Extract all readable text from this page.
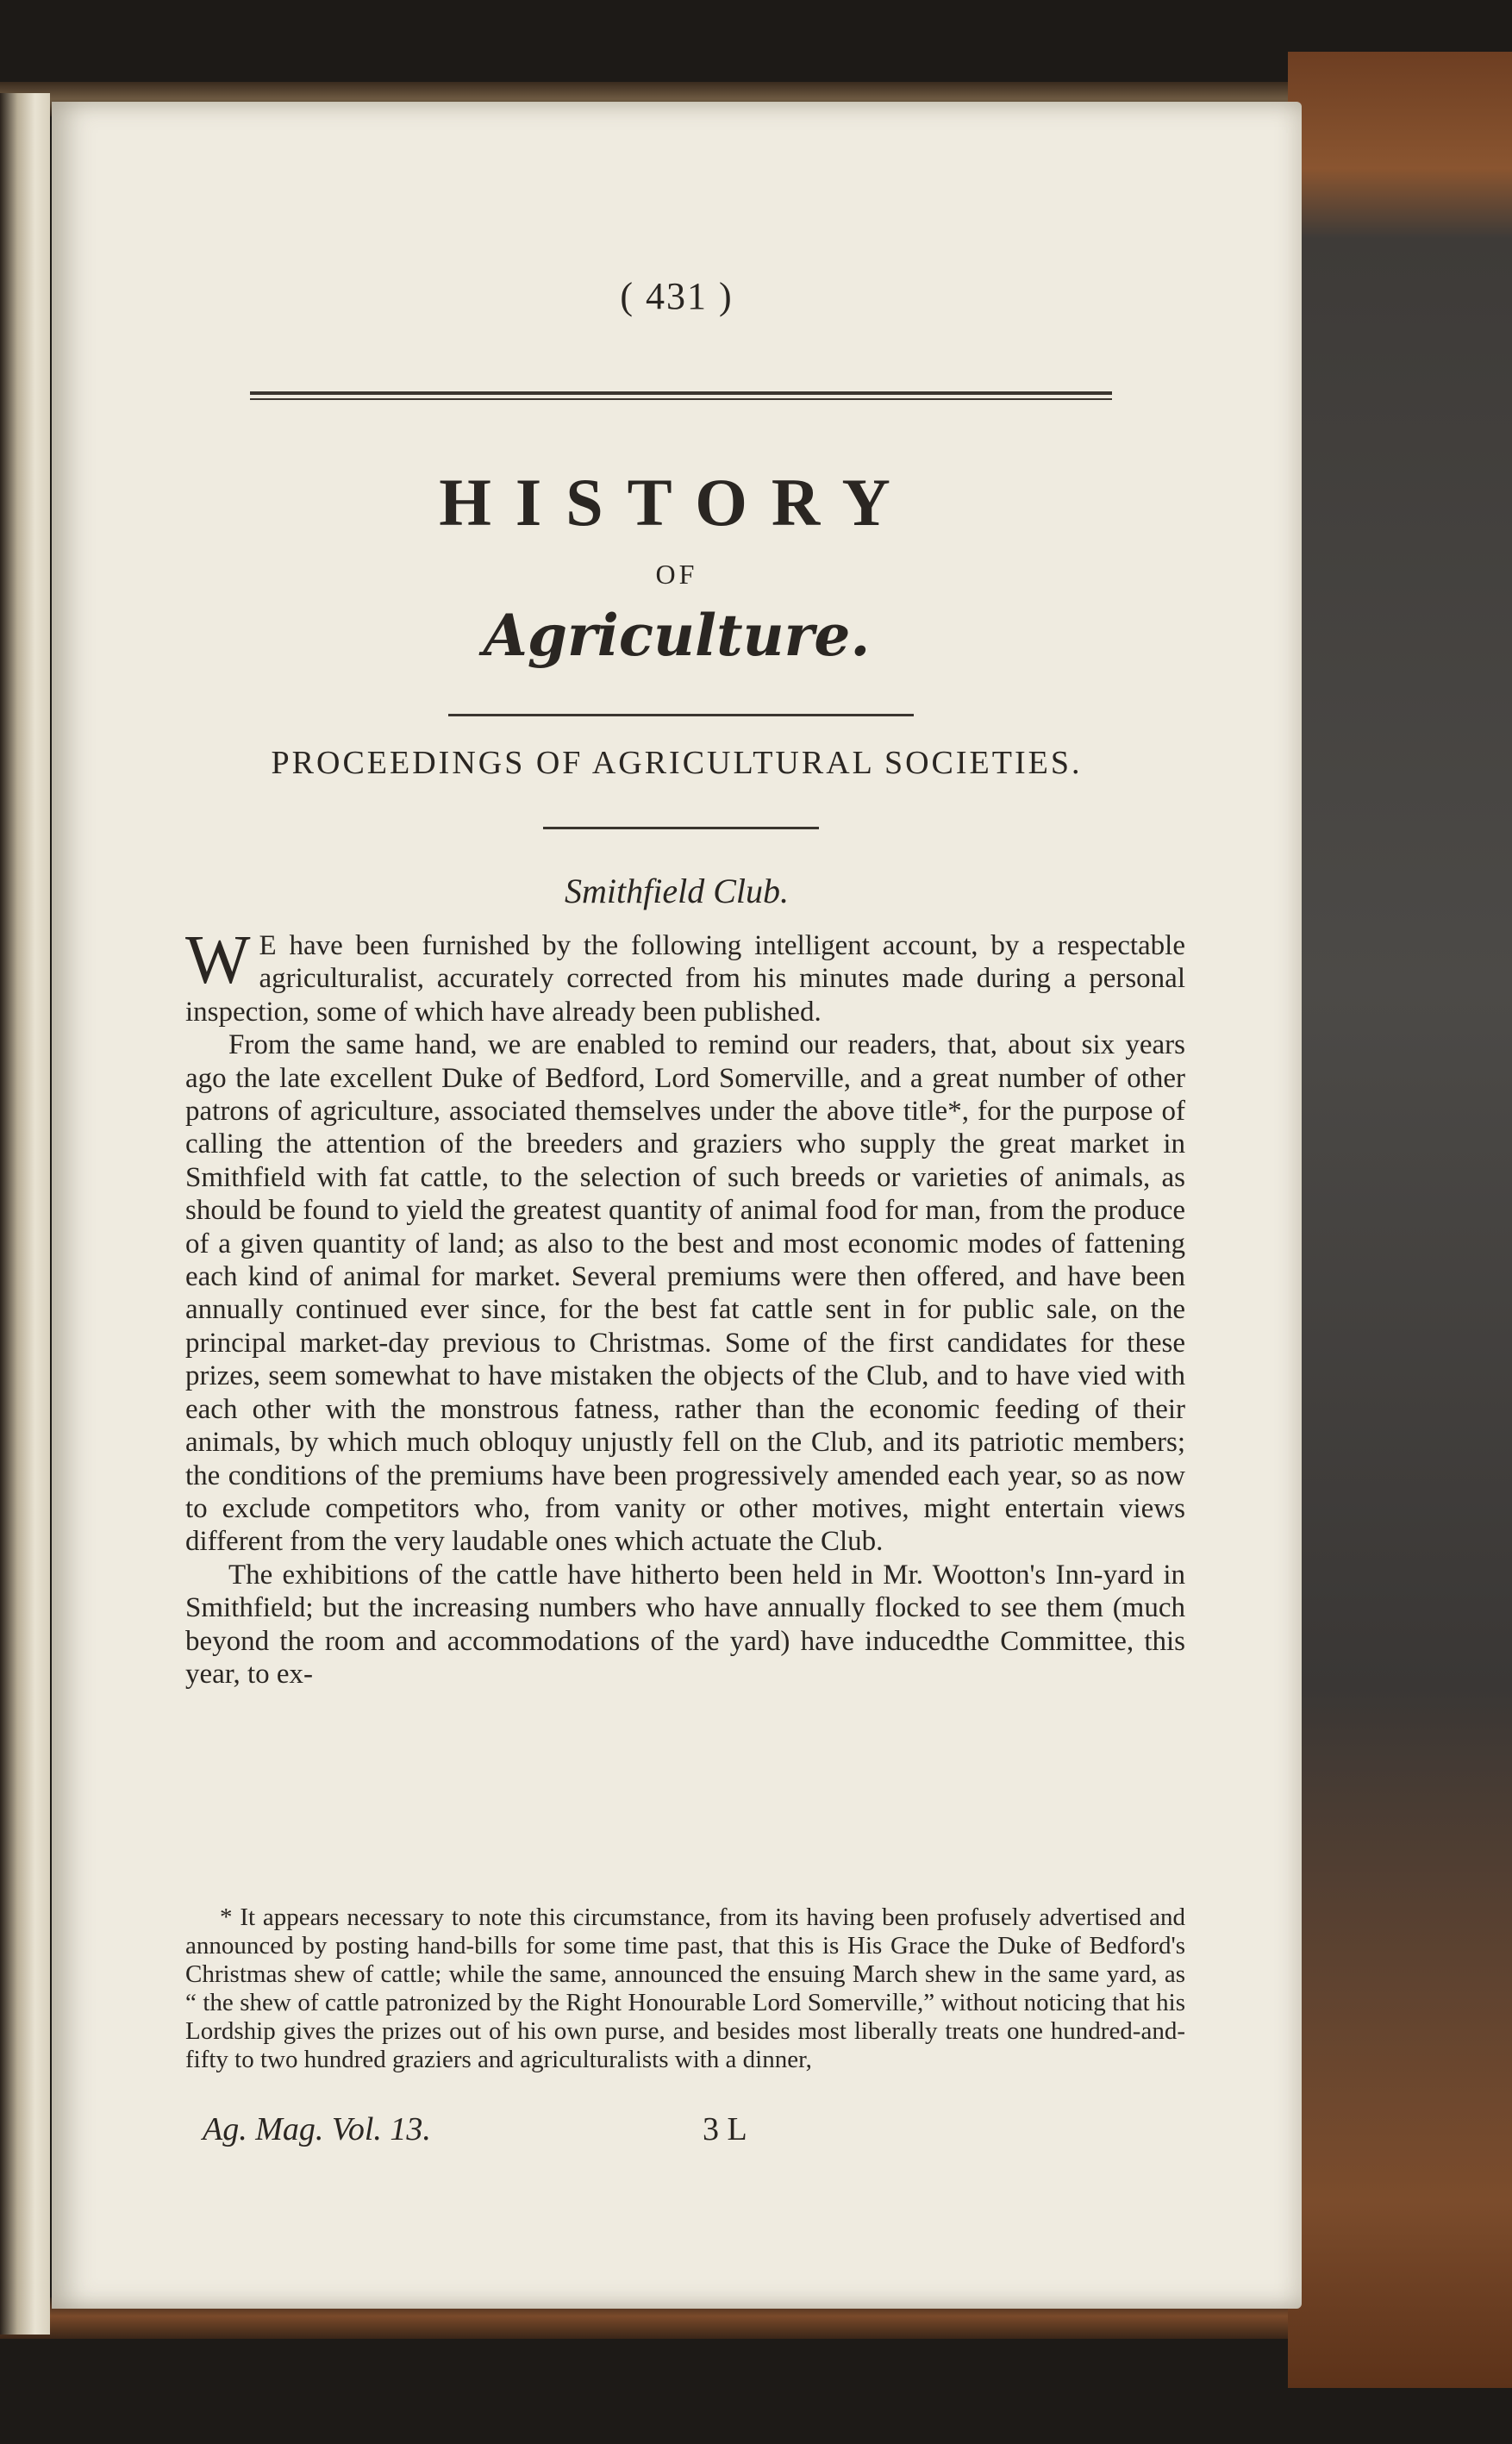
( 431 )
HISTORY
OF
Agriculture.
PROCEEDINGS OF AGRICULTURAL SOCIETIES.
Smithfield Club.

W E have been furnished by the following intelligent account, by a respectable agriculturalist, accurately corrected from his minutes made during a personal inspection, some of which have already been published.

From the same hand, we are enabled to remind our readers, that, about six years ago the late excellent Duke of Bedford, Lord Somerville, and a great number of other patrons of agriculture, associated themselves under the above title*, for the purpose of calling the attention of the breeders and graziers who supply the great market in Smithfield with fat cattle, to the selection of such breeds or varieties of animals, as should be found to yield the greatest quantity of animal food for man, from the produce of a given quantity of land; as also to the best and most economic modes of fattening each kind of animal for market. Several premiums were then offered, and have been annually continued ever since, for the best fat cattle sent in for public sale, on the principal market-day previous to Christmas. Some of the first candidates for these prizes, seem somewhat to have mistaken the objects of the Club, and to have vied with each other with the monstrous fatness, rather than the economic feeding of their animals, by which much obloquy unjustly fell on the Club, and its patriotic members; the conditions of the premiums have been progressively amended each year, so as now to exclude competitors who, from vanity or other motives, might entertain views different from the very laudable ones which actuate the Club.

The exhibitions of the cattle have hitherto been held in Mr. Wootton's Inn-yard in Smithfield; but the increasing numbers who have annually flocked to see them (much beyond the room and accommodations of the yard) have inducedthe Committee, this year, to ex-

* It appears necessary to note this circumstance, from its having been profusely advertised and announced by posting hand-bills for some time past, that this is His Grace the Duke of Bedford's Christmas shew of cattle; while the same, announced the ensuing March shew in the same yard, as “ the shew of cattle patronized by the Right Honourable Lord Somerville,” without noticing that his Lordship gives the prizes out of his own purse, and besides most liberally treats one hundred-and-fifty to two hundred graziers and agriculturalists with a dinner,

Ag. Mag. Vol. 13.	3 L
